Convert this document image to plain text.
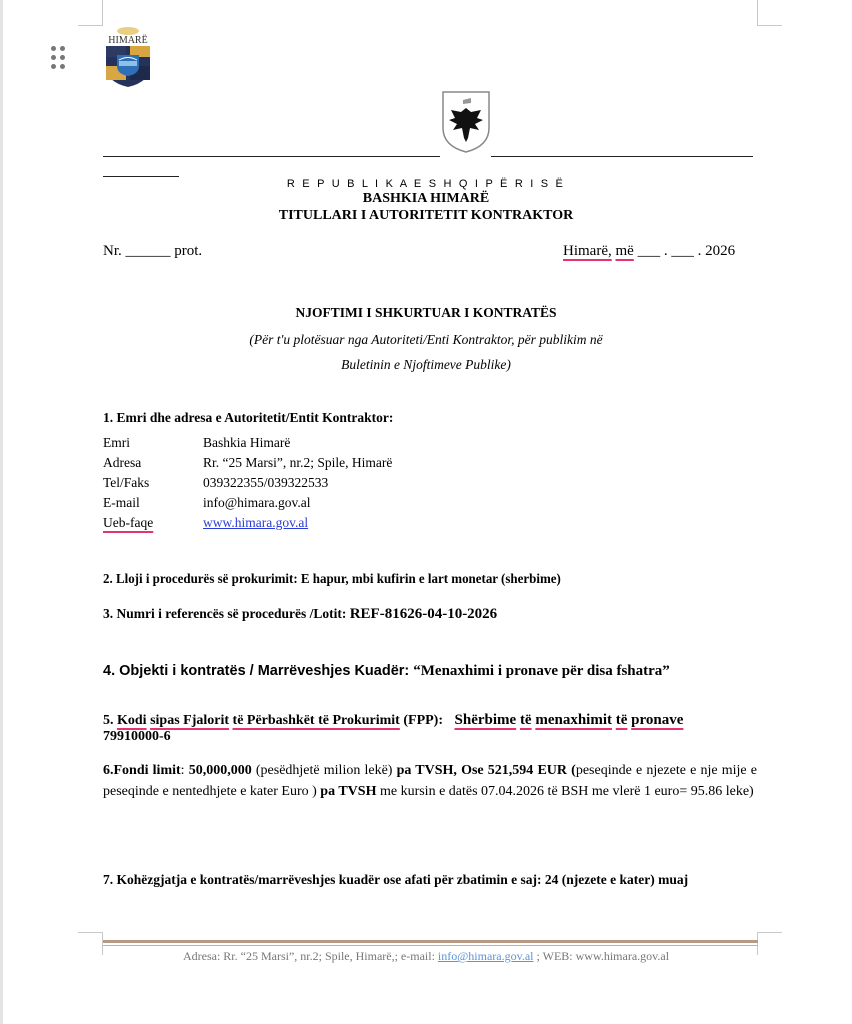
HIMARË
R E P U B L I K A E S H Q I P Ë R I S Ë
BASHKIA HIMARË
TITULLARI I AUTORITETIT KONTRAKTOR
Nr. ______ prot.	Himarë, më ___ . ___ . 2026
NJOFTIMI I SHKURTUAR I KONTRATËS
(Për t'u plotësuar nga Autoriteti/Enti Kontraktor, për publikim në
Buletinin e Njoftimeve Publike)
1. Emri dhe adresa e Autoritetit/Entit Kontraktor:
Emri	Bashkia Himarë
Adresa	Rr. “25 Marsi”, nr.2; Spile, Himarë
Tel/Faks	039322355/039322533
E-mail	info@himara.gov.al
Ueb-faqe	www.himara.gov.al
2. Lloji i procedurës së prokurimit: E hapur, mbi kufirin e lart monetar (sherbime)
3. Numri i referencës së procedurës /Lotit: REF-81626-04-10-2026
4. Objekti i kontratës / Marrëveshjes Kuadër: “Menaxhimi i pronave për disa fshatra”
5. Kodi sipas Fjalorit të Përbashkët të Prokurimit (FPP): Shërbime të menaxhimit të pronave
79910000-6
6.Fondi limit: 50,000,000 (pesëdhjetë milion lekë) pa TVSH, Ose 521,594 EUR (peseqinde e njezete e nje mije e peseqinde e nentedhjete e kater Euro ) pa TVSH me kursin e datës 07.04.2026 të BSH me vlerë 1 euro= 95.86 leke)
7. Kohëzgjatja e kontratës/marrëveshjes kuadër ose afati për zbatimin e saj: 24 (njezete e kater) muaj
Adresa: Rr. “25 Marsi”, nr.2; Spile, Himarë,; e-mail: info@himara.gov.al ; WEB: www.himara.gov.al
